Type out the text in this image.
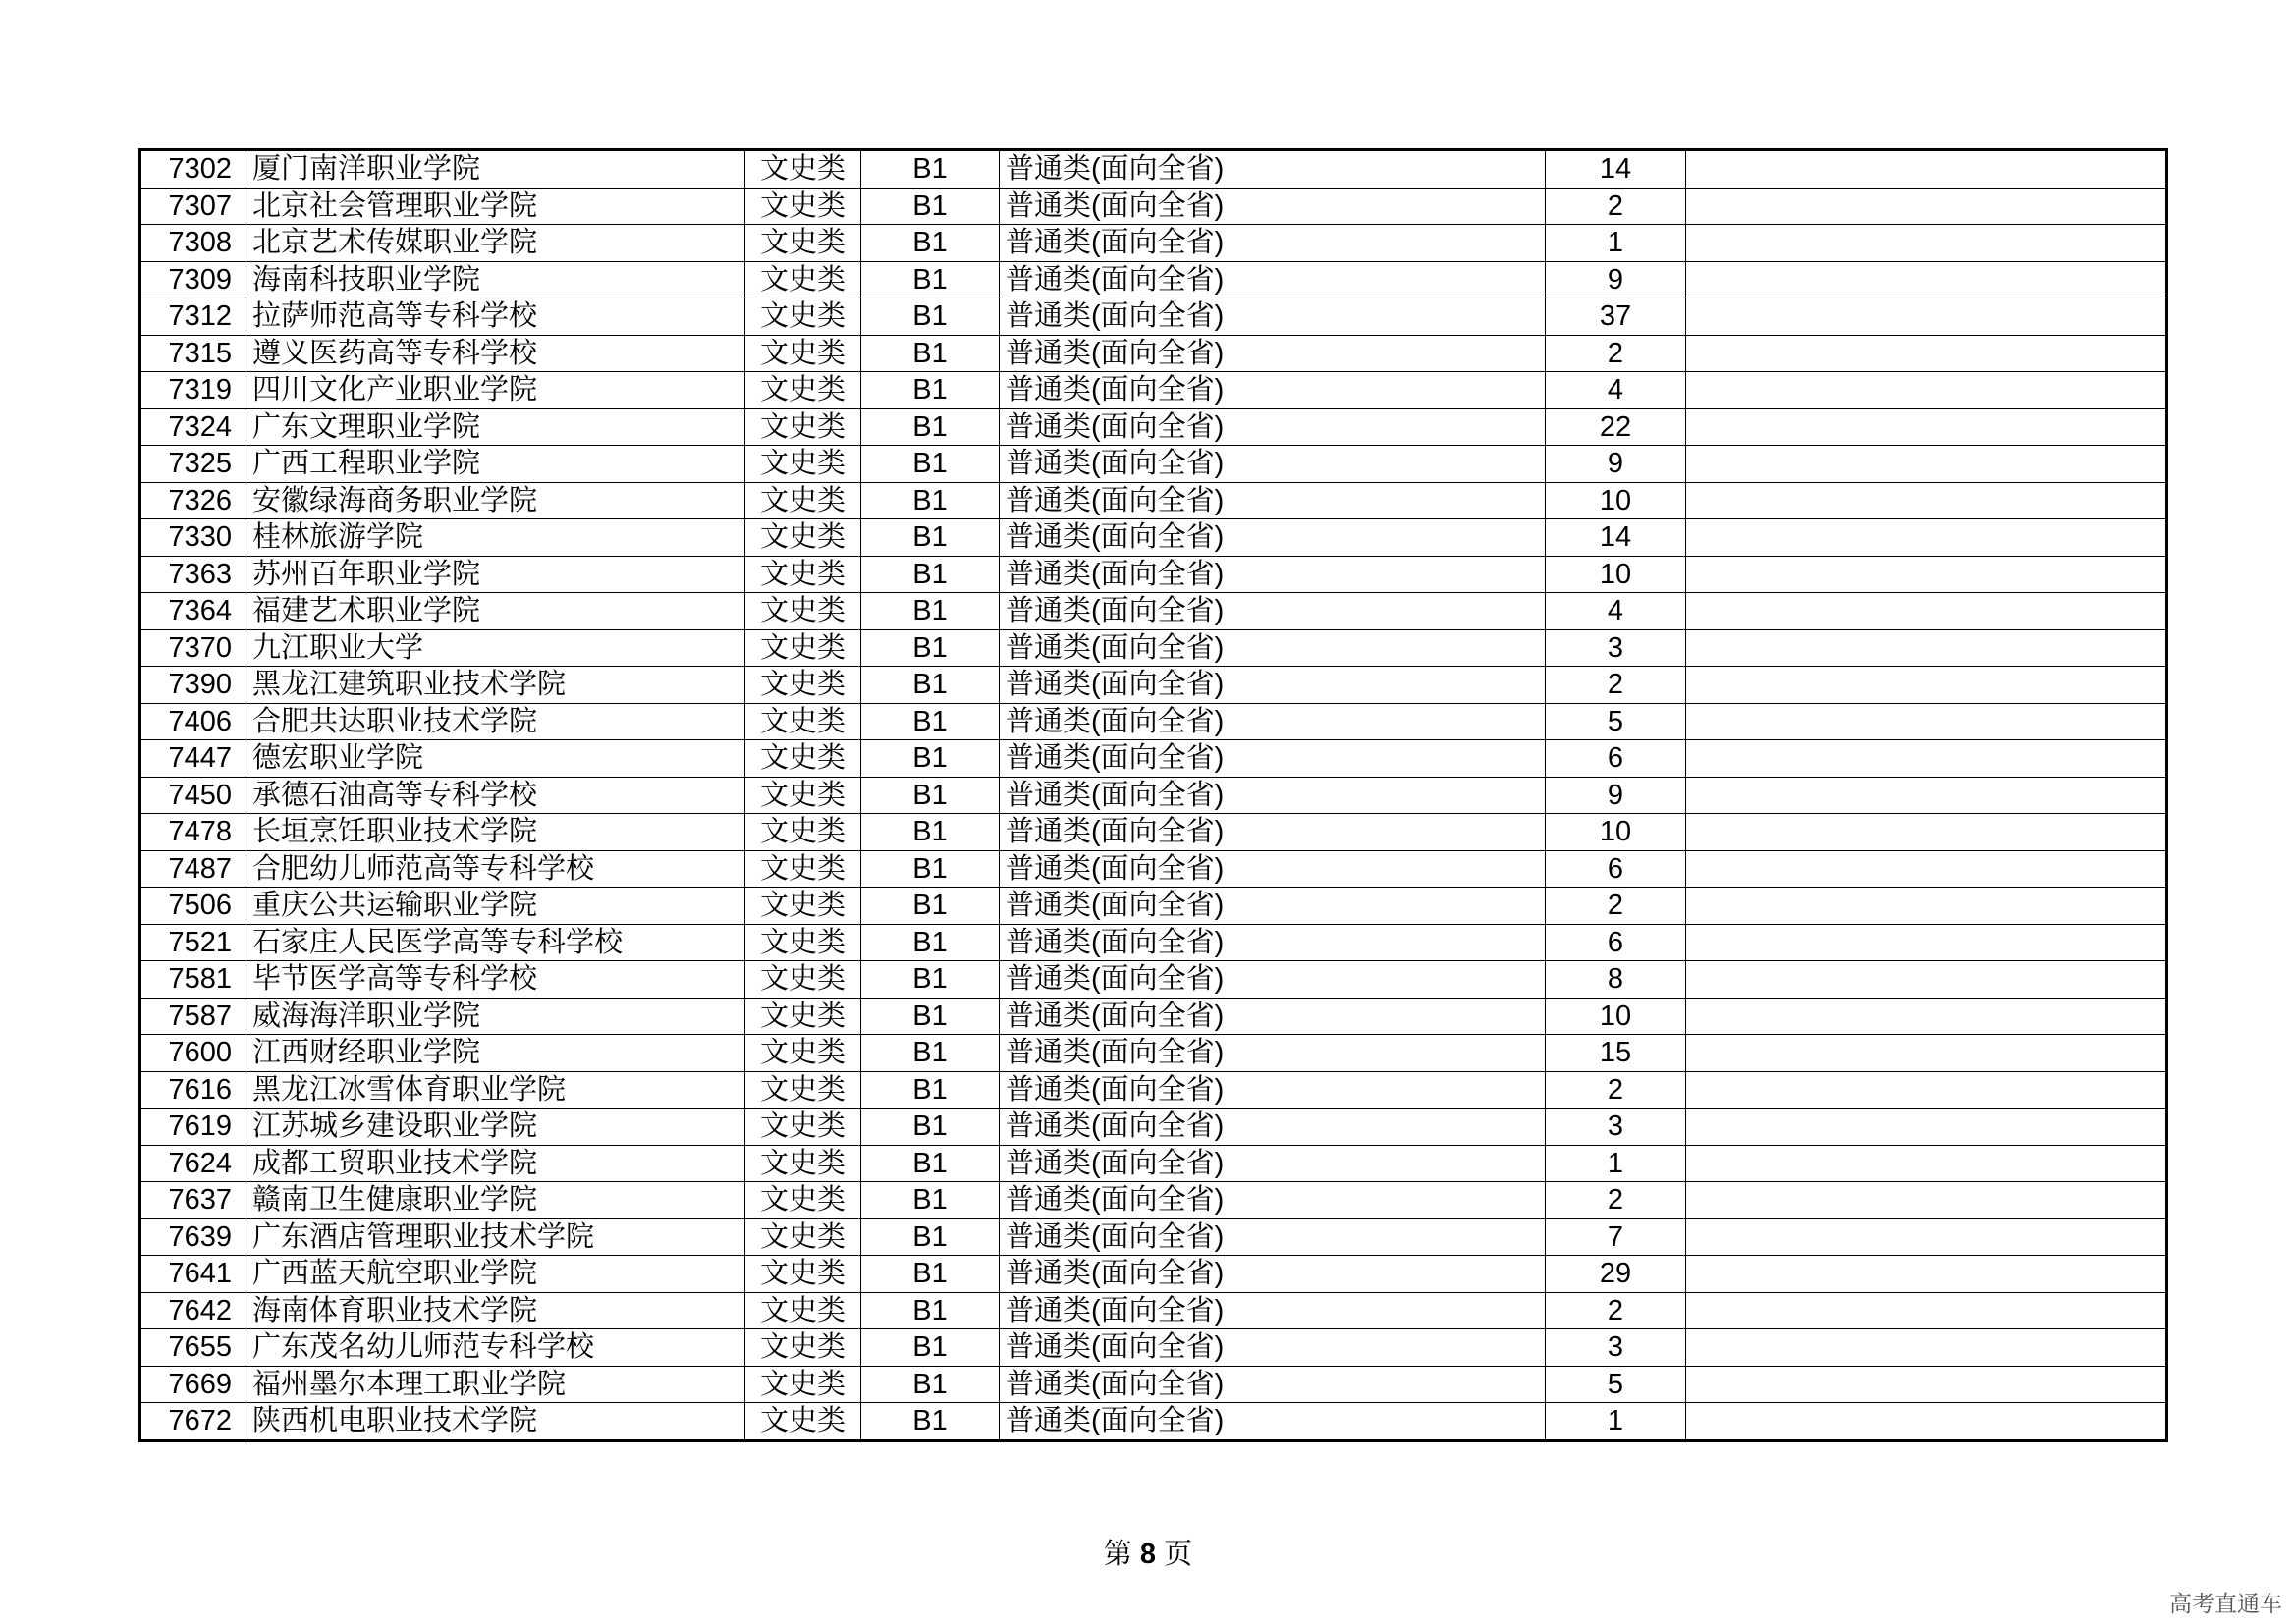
7302	厦门南洋职业学院	文史类	B1	普通类(面向全省)	14	
7307	北京社会管理职业学院	文史类	B1	普通类(面向全省)	2	
7308	北京艺术传媒职业学院	文史类	B1	普通类(面向全省)	1	
7309	海南科技职业学院	文史类	B1	普通类(面向全省)	9	
7312	拉萨师范高等专科学校	文史类	B1	普通类(面向全省)	37	
7315	遵义医药高等专科学校	文史类	B1	普通类(面向全省)	2	
7319	四川文化产业职业学院	文史类	B1	普通类(面向全省)	4	
7324	广东文理职业学院	文史类	B1	普通类(面向全省)	22	
7325	广西工程职业学院	文史类	B1	普通类(面向全省)	9	
7326	安徽绿海商务职业学院	文史类	B1	普通类(面向全省)	10	
7330	桂林旅游学院	文史类	B1	普通类(面向全省)	14	
7363	苏州百年职业学院	文史类	B1	普通类(面向全省)	10	
7364	福建艺术职业学院	文史类	B1	普通类(面向全省)	4	
7370	九江职业大学	文史类	B1	普通类(面向全省)	3	
7390	黑龙江建筑职业技术学院	文史类	B1	普通类(面向全省)	2	
7406	合肥共达职业技术学院	文史类	B1	普通类(面向全省)	5	
7447	德宏职业学院	文史类	B1	普通类(面向全省)	6	
7450	承德石油高等专科学校	文史类	B1	普通类(面向全省)	9	
7478	长垣烹饪职业技术学院	文史类	B1	普通类(面向全省)	10	
7487	合肥幼儿师范高等专科学校	文史类	B1	普通类(面向全省)	6	
7506	重庆公共运输职业学院	文史类	B1	普通类(面向全省)	2	
7521	石家庄人民医学高等专科学校	文史类	B1	普通类(面向全省)	6	
7581	毕节医学高等专科学校	文史类	B1	普通类(面向全省)	8	
7587	威海海洋职业学院	文史类	B1	普通类(面向全省)	10	
7600	江西财经职业学院	文史类	B1	普通类(面向全省)	15	
7616	黑龙江冰雪体育职业学院	文史类	B1	普通类(面向全省)	2	
7619	江苏城乡建设职业学院	文史类	B1	普通类(面向全省)	3	
7624	成都工贸职业技术学院	文史类	B1	普通类(面向全省)	1	
7637	赣南卫生健康职业学院	文史类	B1	普通类(面向全省)	2	
7639	广东酒店管理职业技术学院	文史类	B1	普通类(面向全省)	7	
7641	广西蓝天航空职业学院	文史类	B1	普通类(面向全省)	29	
7642	海南体育职业技术学院	文史类	B1	普通类(面向全省)	2	
7655	广东茂名幼儿师范专科学校	文史类	B1	普通类(面向全省)	3	
7669	福州墨尔本理工职业学院	文史类	B1	普通类(面向全省)	5	
7672	陕西机电职业技术学院	文史类	B1	普通类(面向全省)	1	
第 8 页
高考直通车
